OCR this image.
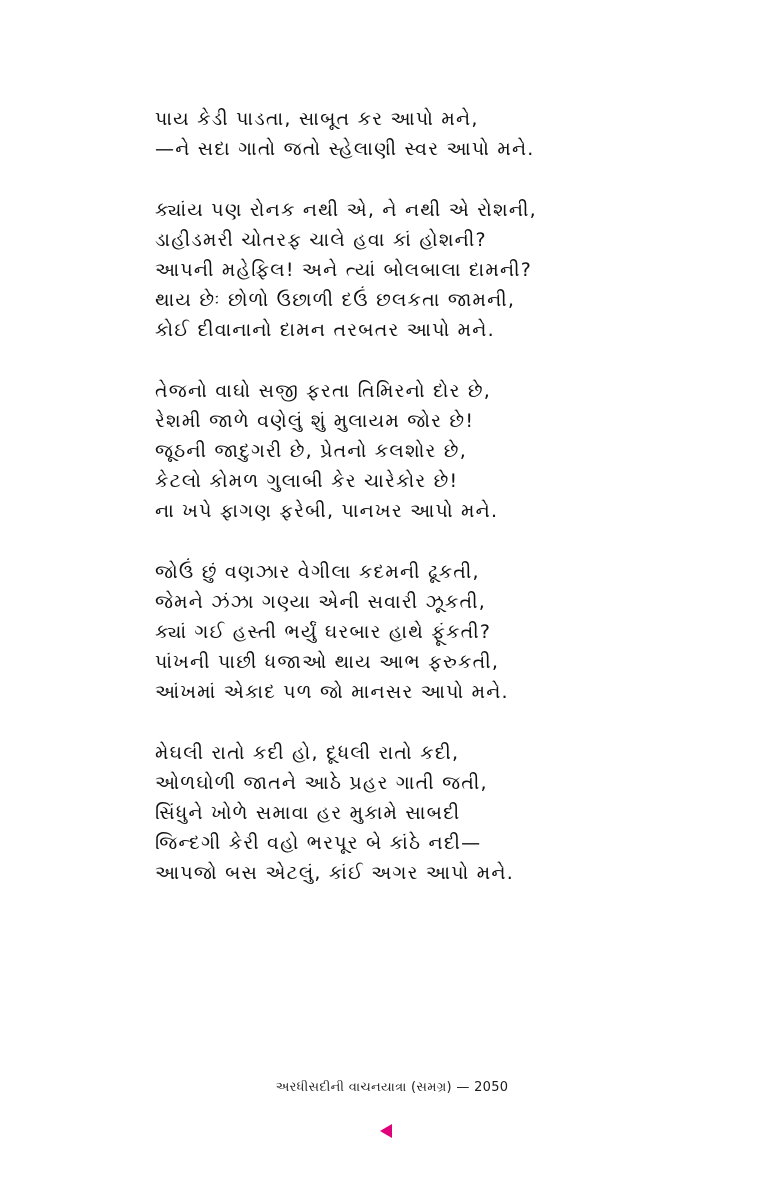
પાય કેડી પાડતા, સાબૂત કર આપો મને,
—ને સદા ગાતો જતો સ્હેલાણી સ્વર આપો મને.
ક્યાંય પણ રોનક નથી એ, ને નથી એ રોશની,
ડાહીડમરી ચોતરફ ચાલે હવા કાં હોશની?
આપની મહેફિલ! અને ત્યાં બોલબાલા દામની?
થાય છેઃ છોળો ઉછાળી દઉં છલકતા જામની,
કોઈ દીવાનાનો દામન તરબતર આપો મને.
તેજનો વાઘો સજી ફરતા તિમિરનો દોર છે,
રેશમી જાળે વણેલું શું મુલાયમ જોર છે!
જૂઠની જાદુગરી છે, પ્રેતનો કલશોર છે,
કેટલો કોમળ ગુલાબી કેર ચારેકોર છે!
ના ખપે ફાગણ ફરેબી, પાનખર આપો મને.
જોઉં છું વણઝાર વેગીલા કદમની ઢૂકતી,
જેમને ઝંઝા ગણ્યા એની સવારી ઝૂકતી,
ક્યાં ગઈ હસ્તી ભર્યું ઘરબાર હાથે ફૂંકતી?
પાંખની પાછી ધજાઓ થાય આભ ફરુકતી,
આંખમાં એકાદ પળ જો માનસર આપો મને.
મેઘલી રાતો કદી હો, દૂધલી રાતો કદી,
ઓળઘોળી જાતને આઠે પ્રહર ગાતી જતી,
સિંધુને ખોળે સમાવા હર મુકામે સાબદી
જિન્દગી કેરી વહો ભરપૂર બે કાંઠે નદી—
આપજો બસ એટલું, કાંઈ અગર આપો મને.
અરધીસદીની વાચનયાત્રા (સમગ્ર) — 2050
